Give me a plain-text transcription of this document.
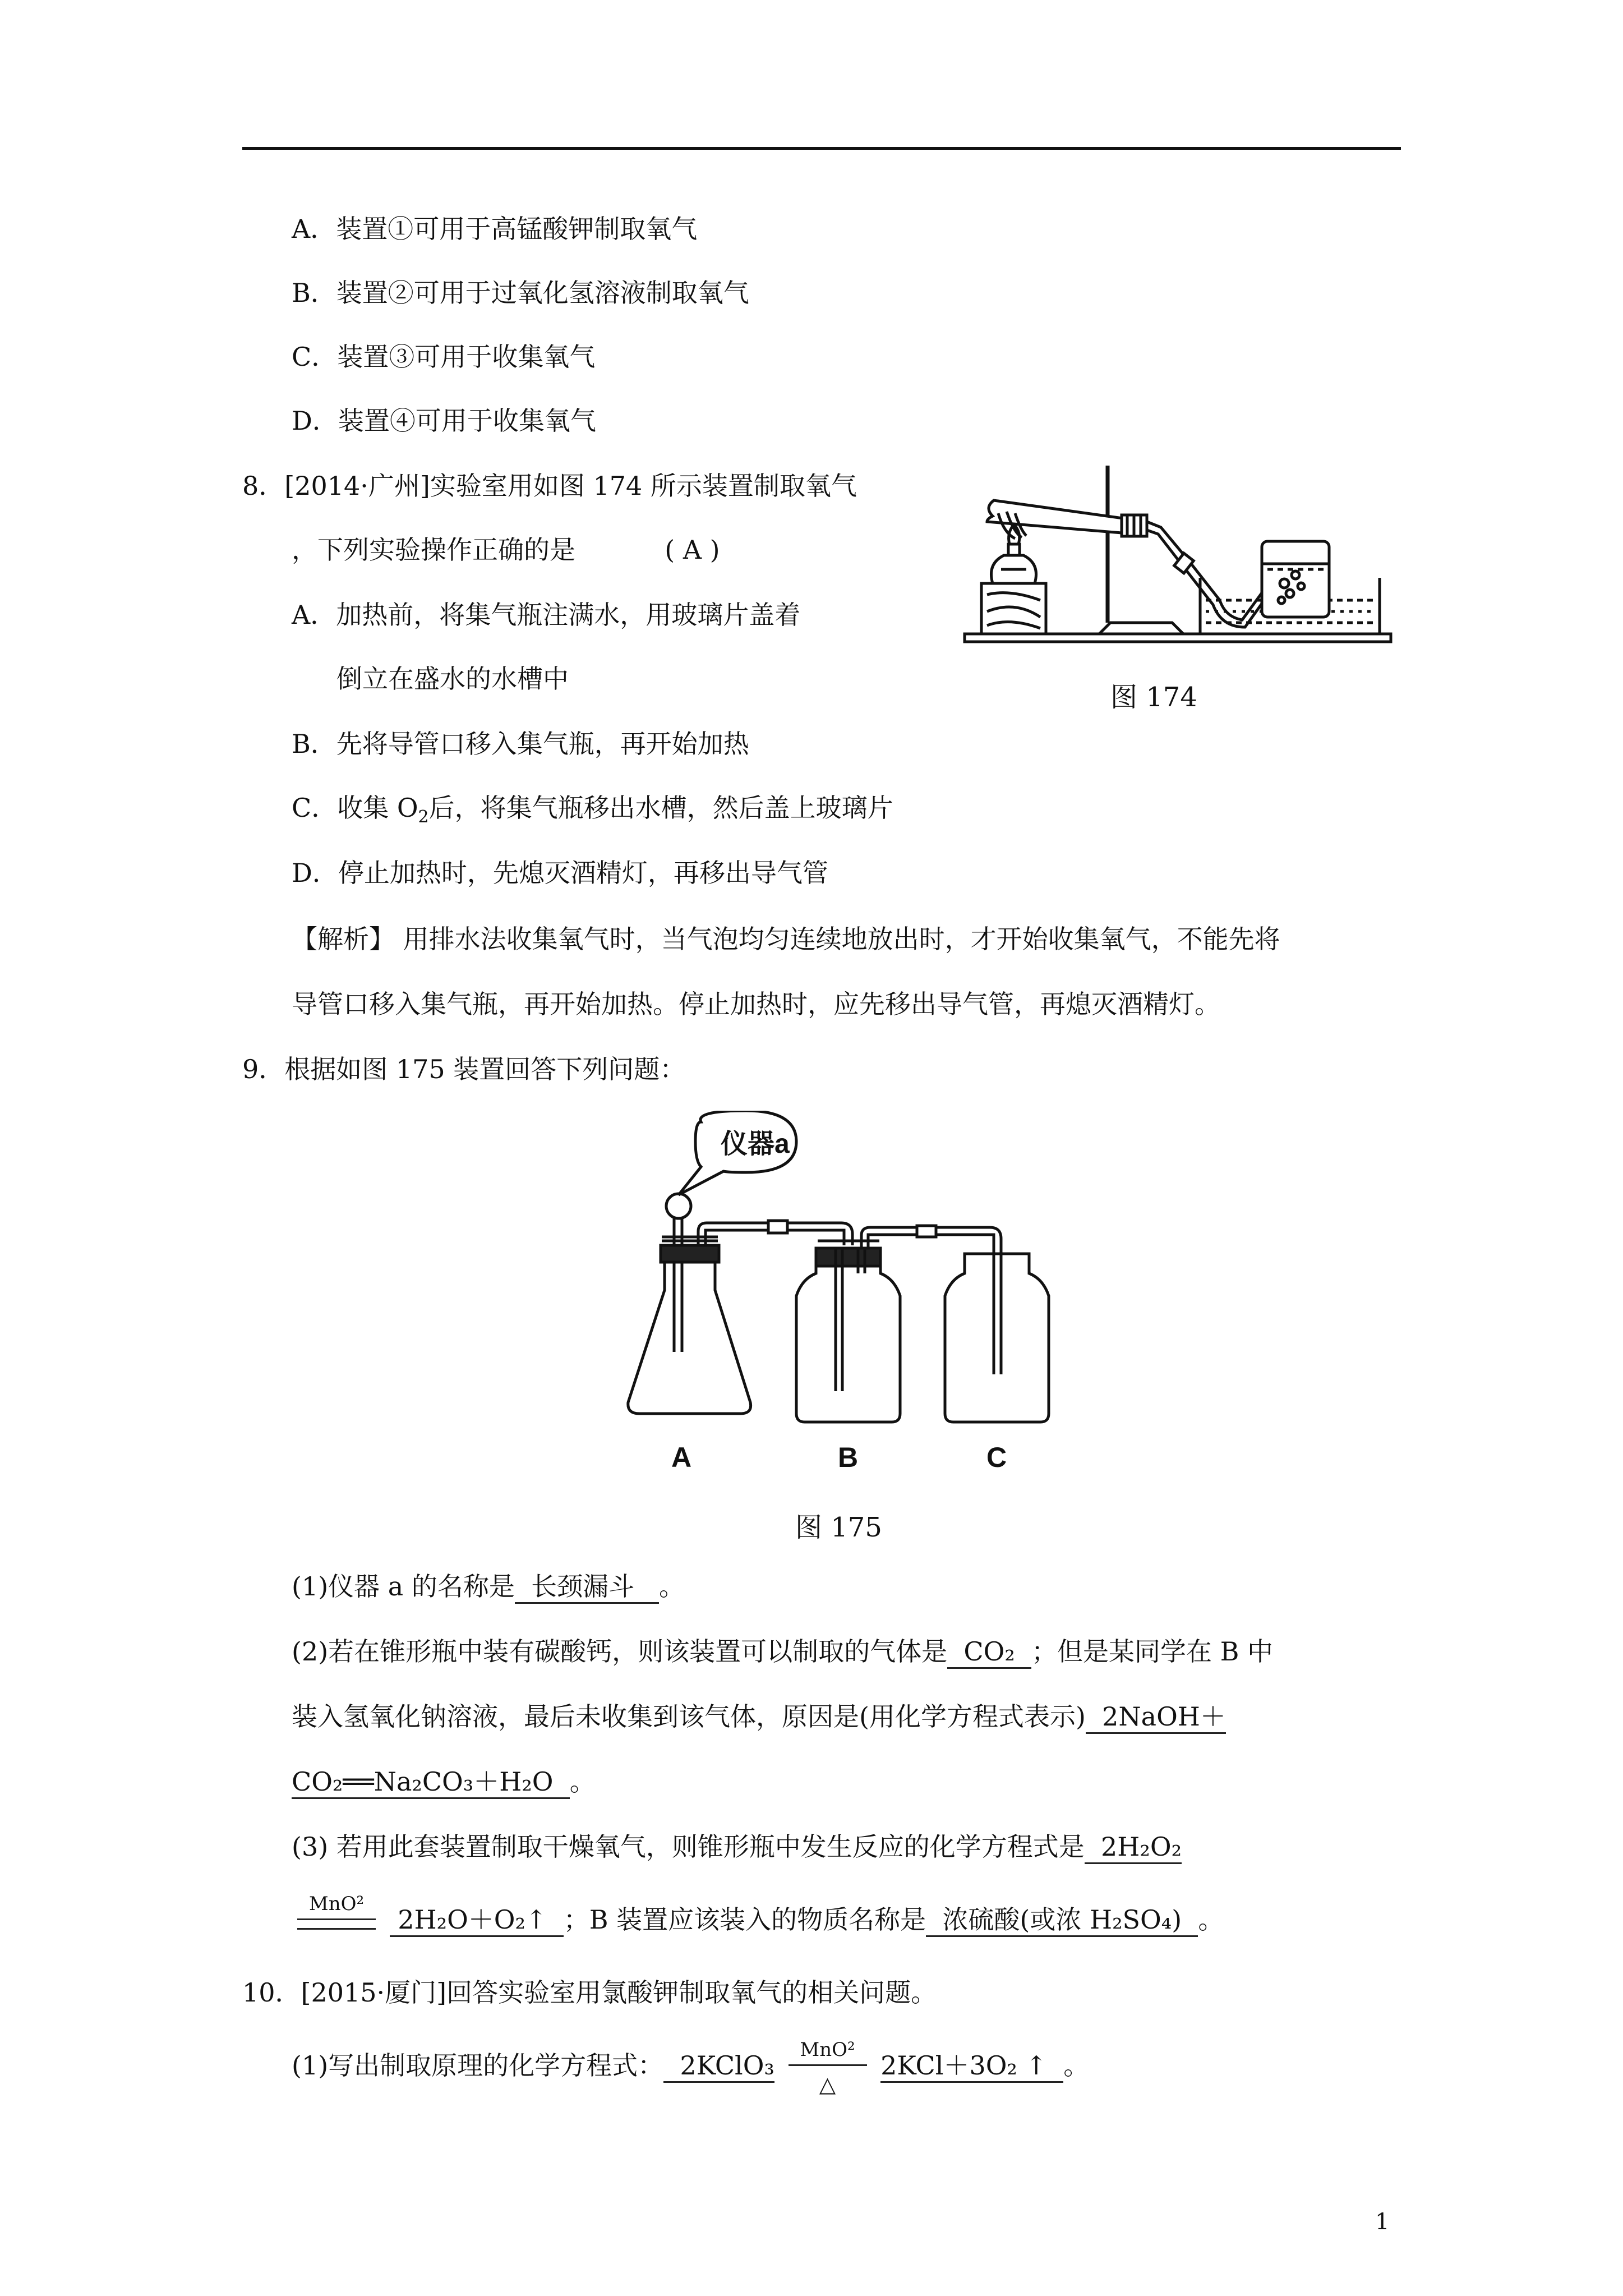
A．装置①可用于高锰酸钾制取氧气
B．装置②可用于过氧化氢溶液制取氧气
C．装置③可用于收集氧气
D．装置④可用于收集氧气
8．[2014·广州]实验室用如图 174 所示装置制取氧气
，下列实验操作正确的是	( A )
A．加热前，将集气瓶注满水，用玻璃片盖着
倒立在盛水的水槽中
B．先将导管口移入集气瓶，再开始加热
C．收集 $O_2$后，将集气瓶移出水槽，然后盖上玻璃片
D．停止加热时，先熄灭酒精灯，再移出导气管
【解析】 用排水法收集氧气时，当气泡均匀连续地放出时，才开始收集氧气，不能先将
导管口移入集气瓶，再开始加热。停止加热时，应先移出导气管，再熄灭酒精灯。
图 174
9．根据如图 175 装置回答下列问题：
仪器a
A	B	C
图 175
(1)仪器 a 的名称是 长颈漏斗 。
(2)若在锥形瓶中装有碳酸钙，则该装置可以制取的气体是 CO₂ ；但是某同学在 B 中
装入氢氧化钠溶液，最后未收集到该气体，原因是(用化学方程式表示) 2NaOH＋
CO₂══Na₂CO₃＋H₂O 。
(3) 若用此套装置制取干燥氧气，则锥形瓶中发生反应的化学方程式是 2H₂O₂
MnO²
2H₂O＋O₂↑ ；B 装置应该装入的物质名称是 浓硫酸(或浓 H₂SO₄) 。
10．[2015·厦门]回答实验室用氯酸钾制取氧气的相关问题。
(1)写出制取原理的化学方程式： 2KClO₃
MnO²
△
2KCl＋3O₂ ↑ 。
1
